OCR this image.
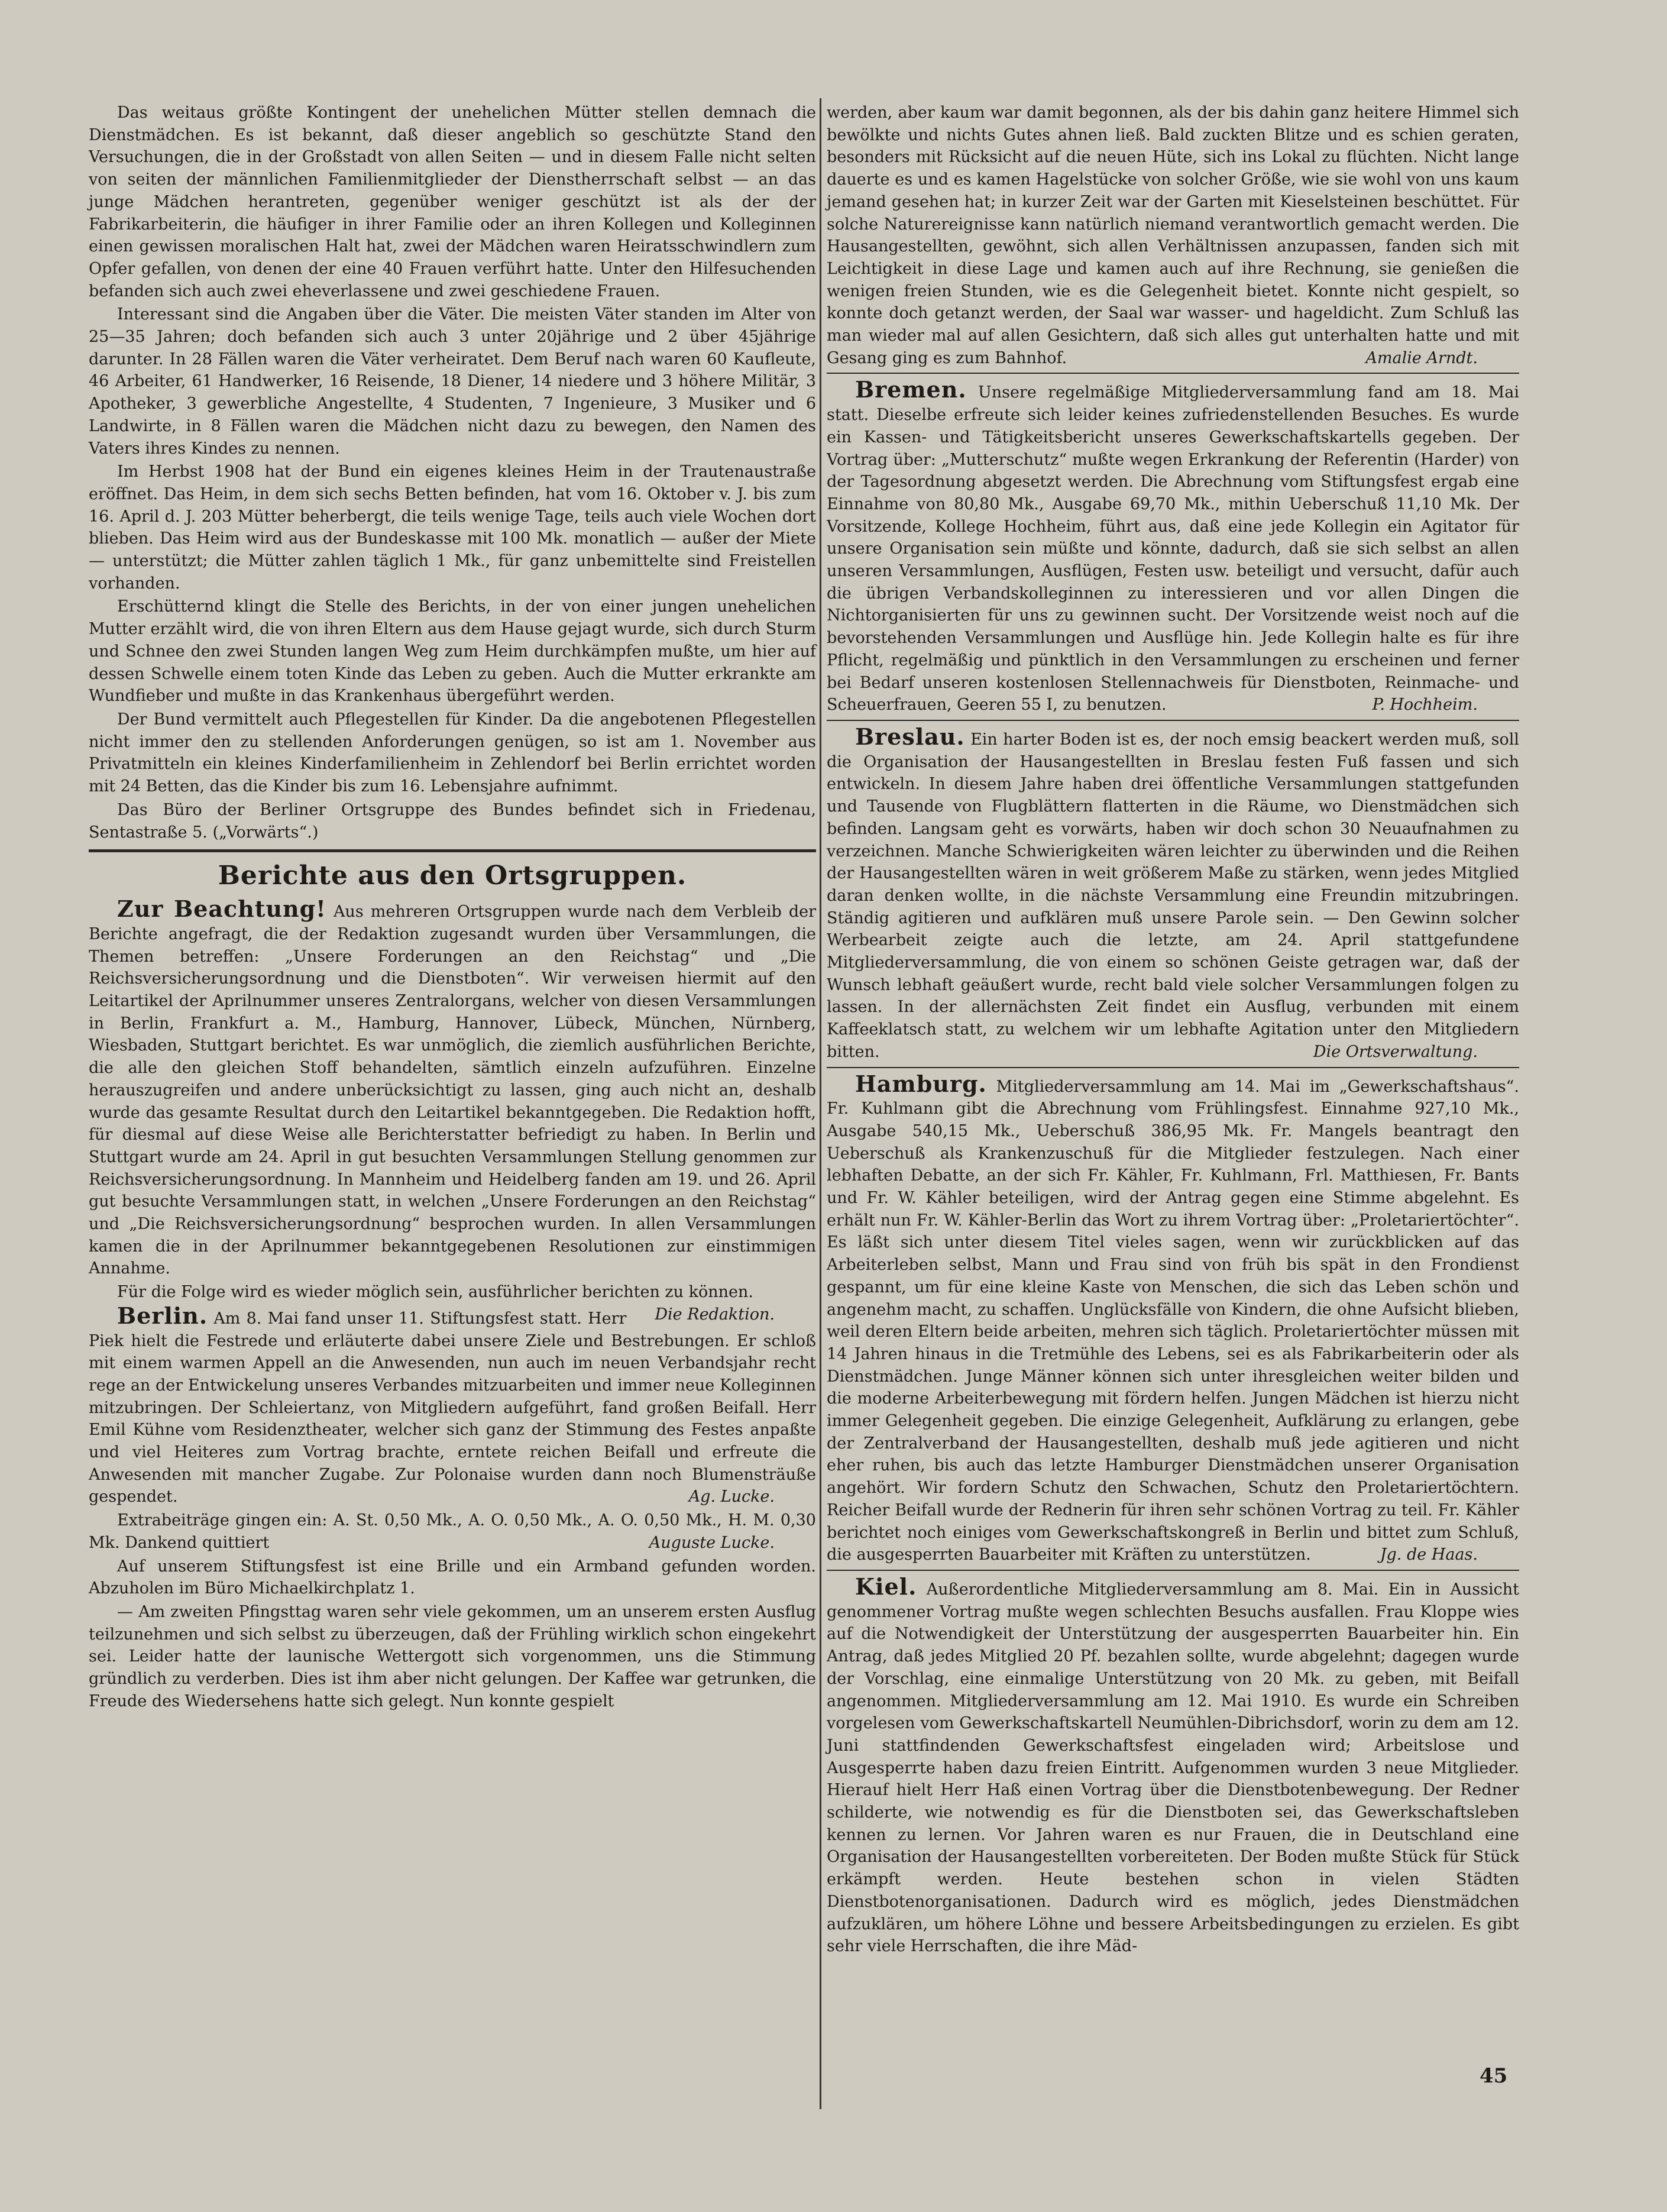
Das weitaus größte Kontingent der unehelichen Mütter stellen demnach die Dienstmädchen. Es ist bekannt, daß dieser angeblich so geschützte Stand den Versuchungen, die in der Großstadt von allen Seiten — und in diesem Falle nicht selten von seiten der männlichen Familienmitglieder der Dienstherrschaft selbst — an das junge Mädchen herantreten, gegenüber weniger geschützt ist als der der Fabrikarbeiterin, die häufiger in ihrer Familie oder an ihren Kollegen und Kolleginnen einen gewissen moralischen Halt hat, zwei der Mädchen waren Heiratsschwindlern zum Opfer gefallen, von denen der eine 40 Frauen verführt hatte. Unter den Hilfesuchenden befanden sich auch zwei eheverlassene und zwei geschiedene Frauen.

Interessant sind die Angaben über die Väter. Die meisten Väter standen im Alter von 25—35 Jahren; doch befanden sich auch 3 unter 20jährige und 2 über 45jährige darunter. In 28 Fällen waren die Väter verheiratet. Dem Beruf nach waren 60 Kaufleute, 46 Arbeiter, 61 Handwerker, 16 Reisende, 18 Diener, 14 niedere und 3 höhere Militär, 3 Apotheker, 3 gewerbliche Angestellte, 4 Studenten, 7 Ingenieure, 3 Musiker und 6 Landwirte, in 8 Fällen waren die Mädchen nicht dazu zu bewegen, den Namen des Vaters ihres Kindes zu nennen.

Im Herbst 1908 hat der Bund ein eigenes kleines Heim in der Trautenaustraße eröffnet. Das Heim, in dem sich sechs Betten befinden, hat vom 16. Oktober v. J. bis zum 16. April d. J. 203 Mütter beherbergt, die teils wenige Tage, teils auch viele Wochen dort blieben. Das Heim wird aus der Bundeskasse mit 100 Mk. monatlich — außer der Miete — unterstützt; die Mütter zahlen täglich 1 Mk., für ganz unbemittelte sind Freistellen vorhanden.

Erschütternd klingt die Stelle des Berichts, in der von einer jungen unehelichen Mutter erzählt wird, die von ihren Eltern aus dem Hause gejagt wurde, sich durch Sturm und Schnee den zwei Stunden langen Weg zum Heim durchkämpfen mußte, um hier auf dessen Schwelle einem toten Kinde das Leben zu geben. Auch die Mutter erkrankte am Wundfieber und mußte in das Krankenhaus übergeführt werden.

Der Bund vermittelt auch Pflegestellen für Kinder. Da die angebotenen Pflegestellen nicht immer den zu stellenden Anforderungen genügen, so ist am 1. November aus Privatmitteln ein kleines Kinderfamilienheim in Zehlendorf bei Berlin errichtet worden mit 24 Betten, das die Kinder bis zum 16. Lebensjahre aufnimmt.

Das Büro der Berliner Ortsgruppe des Bundes befindet sich in Friedenau, Sentastraße 5. („Vorwärts“.)

Berichte aus den Ortsgruppen.

Zur Beachtung! Aus mehreren Ortsgruppen wurde nach dem Verbleib der Berichte angefragt, die der Redaktion zugesandt wurden über Versammlungen, die Themen betreffen: „Unsere Forderungen an den Reichstag“ und „Die Reichsversicherungsordnung und die Dienstboten“. Wir verweisen hiermit auf den Leitartikel der Aprilnummer unseres Zentralorgans, welcher von diesen Versammlungen in Berlin, Frankfurt a. M., Hamburg, Hannover, Lübeck, München, Nürnberg, Wiesbaden, Stuttgart berichtet. Es war unmöglich, die ziemlich ausführlichen Berichte, die alle den gleichen Stoff behandelten, sämtlich einzeln aufzuführen. Einzelne herauszugreifen und andere unberücksichtigt zu lassen, ging auch nicht an, deshalb wurde das gesamte Resultat durch den Leitartikel bekanntgegeben. Die Redaktion hofft, für diesmal auf diese Weise alle Berichterstatter befriedigt zu haben. In Berlin und Stuttgart wurde am 24. April in gut besuchten Versammlungen Stellung genommen zur Reichsversicherungsordnung. In Mannheim und Heidelberg fanden am 19. und 26. April gut besuchte Versammlungen statt, in welchen „Unsere Forderungen an den Reichstag“ und „Die Reichsversicherungsordnung“ besprochen wurden. In allen Versammlungen kamen die in der Aprilnummer bekanntgegebenen Resolutionen zur einstimmigen Annahme.

Für die Folge wird es wieder möglich sein, ausführlicher berichten zu können.
Die Redaktion.

Berlin. Am 8. Mai fand unser 11. Stiftungsfest statt. Herr Piek hielt die Festrede und erläuterte dabei unsere Ziele und Bestrebungen. Er schloß mit einem warmen Appell an die Anwesenden, nun auch im neuen Verbandsjahr recht rege an der Entwickelung unseres Verbandes mitzuarbeiten und immer neue Kolleginnen mitzubringen. Der Schleiertanz, von Mitgliedern aufgeführt, fand großen Beifall. Herr Emil Kühne vom Residenztheater, welcher sich ganz der Stimmung des Festes anpaßte und viel Heiteres zum Vortrag brachte, erntete reichen Beifall und erfreute die Anwesenden mit mancher Zugabe. Zur Polonaise wurden dann noch Blumensträuße gespendet.	Ag. Lucke.

Extrabeiträge gingen ein: A. St. 0,50 Mk., A. O. 0,50 Mk., A. O. 0,50 Mk., H. M. 0,30 Mk. Dankend quittiert	Auguste Lucke.

Auf unserem Stiftungsfest ist eine Brille und ein Armband gefunden worden. Abzuholen im Büro Michaelkirchplatz 1.

— Am zweiten Pfingsttag waren sehr viele gekommen, um an unserem ersten Ausflug teilzunehmen und sich selbst zu überzeugen, daß der Frühling wirklich schon eingekehrt sei. Leider hatte der launische Wettergott sich vorgenommen, uns die Stimmung gründlich zu verderben. Dies ist ihm aber nicht gelungen. Der Kaffee war getrunken, die Freude des Wiedersehens hatte sich gelegt. Nun konnte gespielt

werden, aber kaum war damit begonnen, als der bis dahin ganz heitere Himmel sich bewölkte und nichts Gutes ahnen ließ. Bald zuckten Blitze und es schien geraten, besonders mit Rücksicht auf die neuen Hüte, sich ins Lokal zu flüchten. Nicht lange dauerte es und es kamen Hagelstücke von solcher Größe, wie sie wohl von uns kaum jemand gesehen hat; in kurzer Zeit war der Garten mit Kieselsteinen beschüttet. Für solche Naturereignisse kann natürlich niemand verantwortlich gemacht werden. Die Hausangestellten, gewöhnt, sich allen Verhältnissen anzupassen, fanden sich mit Leichtigkeit in diese Lage und kamen auch auf ihre Rechnung, sie genießen die wenigen freien Stunden, wie es die Gelegenheit bietet. Konnte nicht gespielt, so konnte doch getanzt werden, der Saal war wasser- und hageldicht. Zum Schluß las man wieder mal auf allen Gesichtern, daß sich alles gut unterhalten hatte und mit Gesang ging es zum Bahnhof.	Amalie Arndt.

Bremen. Unsere regelmäßige Mitgliederversammlung fand am 18. Mai statt. Dieselbe erfreute sich leider keines zufriedenstellenden Besuches. Es wurde ein Kassen- und Tätigkeitsbericht unseres Gewerkschaftskartells gegeben. Der Vortrag über: „Mutterschutz“ mußte wegen Erkrankung der Referentin (Harder) von der Tagesordnung abgesetzt werden. Die Abrechnung vom Stiftungsfest ergab eine Einnahme von 80,80 Mk., Ausgabe 69,70 Mk., mithin Ueberschuß 11,10 Mk. Der Vorsitzende, Kollege Hochheim, führt aus, daß eine jede Kollegin ein Agitator für unsere Organisation sein müßte und könnte, dadurch, daß sie sich selbst an allen unseren Versammlungen, Ausflügen, Festen usw. beteiligt und versucht, dafür auch die übrigen Verbandskolleginnen zu interessieren und vor allen Dingen die Nichtorganisierten für uns zu gewinnen sucht. Der Vorsitzende weist noch auf die bevorstehenden Versammlungen und Ausflüge hin. Jede Kollegin halte es für ihre Pflicht, regelmäßig und pünktlich in den Versammlungen zu erscheinen und ferner bei Bedarf unseren kostenlosen Stellennachweis für Dienstboten, Reinmache- und Scheuerfrauen, Geeren 55 I, zu benutzen.	P. Hochheim.

Breslau. Ein harter Boden ist es, der noch emsig beackert werden muß, soll die Organisation der Hausangestellten in Breslau festen Fuß fassen und sich entwickeln. In diesem Jahre haben drei öffentliche Versammlungen stattgefunden und Tausende von Flugblättern flatterten in die Räume, wo Dienstmädchen sich befinden. Langsam geht es vorwärts, haben wir doch schon 30 Neuaufnahmen zu verzeichnen. Manche Schwierigkeiten wären leichter zu überwinden und die Reihen der Hausangestellten wären in weit größerem Maße zu stärken, wenn jedes Mitglied daran denken wollte, in die nächste Versammlung eine Freundin mitzubringen. Ständig agitieren und aufklären muß unsere Parole sein. — Den Gewinn solcher Werbearbeit zeigte auch die letzte, am 24. April stattgefundene Mitgliederversammlung, die von einem so schönen Geiste getragen war, daß der Wunsch lebhaft geäußert wurde, recht bald viele solcher Versammlungen folgen zu lassen. In der allernächsten Zeit findet ein Ausflug, verbunden mit einem Kaffeeklatsch statt, zu welchem wir um lebhafte Agitation unter den Mitgliedern bitten.	Die Ortsverwaltung.

Hamburg. Mitgliederversammlung am 14. Mai im „Gewerkschaftshaus“. Fr. Kuhlmann gibt die Abrechnung vom Frühlingsfest. Einnahme 927,10 Mk., Ausgabe 540,15 Mk., Ueberschuß 386,95 Mk. Fr. Mangels beantragt den Ueberschuß als Krankenzuschuß für die Mitglieder festzulegen. Nach einer lebhaften Debatte, an der sich Fr. Kähler, Fr. Kuhlmann, Frl. Matthiesen, Fr. Bants und Fr. W. Kähler beteiligen, wird der Antrag gegen eine Stimme abgelehnt. Es erhält nun Fr. W. Kähler-Berlin das Wort zu ihrem Vortrag über: „Proletariertöchter“. Es läßt sich unter diesem Titel vieles sagen, wenn wir zurückblicken auf das Arbeiterleben selbst, Mann und Frau sind von früh bis spät in den Frondienst gespannt, um für eine kleine Kaste von Menschen, die sich das Leben schön und angenehm macht, zu schaffen. Unglücksfälle von Kindern, die ohne Aufsicht blieben, weil deren Eltern beide arbeiten, mehren sich täglich. Proletariertöchter müssen mit 14 Jahren hinaus in die Tretmühle des Lebens, sei es als Fabrikarbeiterin oder als Dienstmädchen. Junge Männer können sich unter ihresgleichen weiter bilden und die moderne Arbeiterbewegung mit fördern helfen. Jungen Mädchen ist hierzu nicht immer Gelegenheit gegeben. Die einzige Gelegenheit, Aufklärung zu erlangen, gebe der Zentralverband der Hausangestellten, deshalb muß jede agitieren und nicht eher ruhen, bis auch das letzte Hamburger Dienstmädchen unserer Organisation angehört. Wir fordern Schutz den Schwachen, Schutz den Proletariertöchtern. Reicher Beifall wurde der Rednerin für ihren sehr schönen Vortrag zu teil. Fr. Kähler berichtet noch einiges vom Gewerkschaftskongreß in Berlin und bittet zum Schluß, die ausgesperrten Bauarbeiter mit Kräften zu unterstützen.	Jg. de Haas.

Kiel. Außerordentliche Mitgliederversammlung am 8. Mai. Ein in Aussicht genommener Vortrag mußte wegen schlechten Besuchs ausfallen. Frau Kloppe wies auf die Notwendigkeit der Unterstützung der ausgesperrten Bauarbeiter hin. Ein Antrag, daß jedes Mitglied 20 Pf. bezahlen sollte, wurde abgelehnt; dagegen wurde der Vorschlag, eine einmalige Unterstützung von 20 Mk. zu geben, mit Beifall angenommen. Mitgliederversammlung am 12. Mai 1910. Es wurde ein Schreiben vorgelesen vom Gewerkschaftskartell Neumühlen-Dibrichsdorf, worin zu dem am 12. Juni stattfindenden Gewerkschaftsfest eingeladen wird; Arbeitslose und Ausgesperrte haben dazu freien Eintritt. Aufgenommen wurden 3 neue Mitglieder. Hierauf hielt Herr Haß einen Vortrag über die Dienstbotenbewegung. Der Redner schilderte, wie notwendig es für die Dienstboten sei, das Gewerkschaftsleben kennen zu lernen. Vor Jahren waren es nur Frauen, die in Deutschland eine Organisation der Hausangestellten vorbereiteten. Der Boden mußte Stück für Stück erkämpft werden. Heute bestehen schon in vielen Städten Dienstbotenorganisationen. Dadurch wird es möglich, jedes Dienstmädchen aufzuklären, um höhere Löhne und bessere Arbeitsbedingungen zu erzielen. Es gibt sehr viele Herrschaften, die ihre Mäd-

45
